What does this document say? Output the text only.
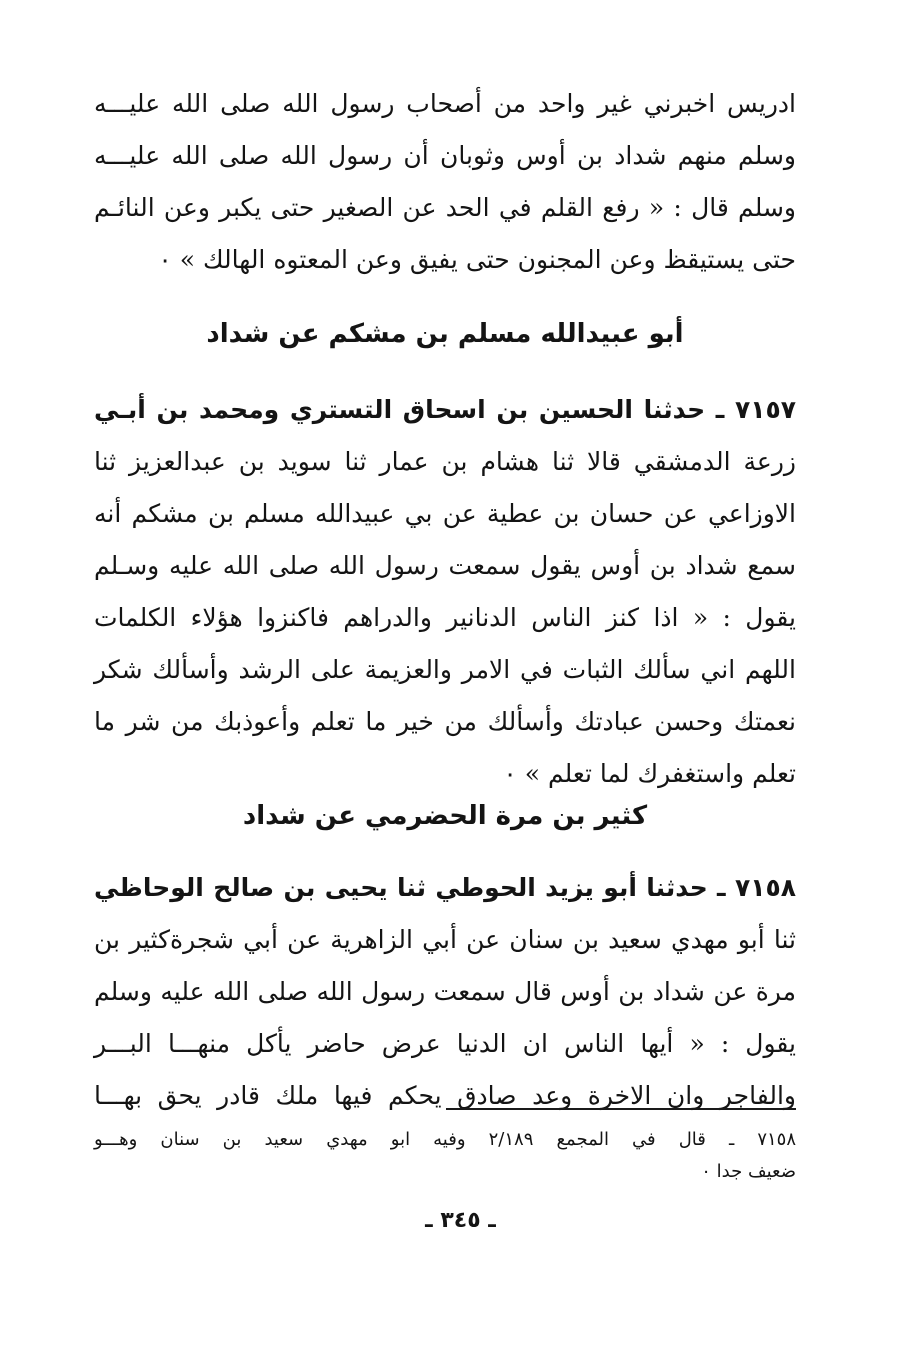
ادريس اخبرني غير واحد من أصحاب رسول الله صلى الله عليـــه
وسلم منهم شداد بن أوس وثوبان أن رسول الله صلى الله عليـــه
وسلم قال : « رفع القلم في الحد عن الصغير حتى يكبر وعن النائـم
حتى يستيقظ وعن المجنون حتى يفيق وعن المعتوه الهالك » ٠
أبو عبيدالله مسلم بن مشكم عن شداد
٧١٥٧ ـ حدثنا الحسين بن اسحاق التستري ومحمد بن أبـي
زرعة الدمشقي قالا ثنا هشام بن عمار ثنا سويد بن عبدالعزيز ثنا
الاوزاعي عن حسان بن عطية عن بي عبيدالله مسلم بن مشكم أنه
سمع شداد بن أوس يقول سمعت رسول الله صلى الله عليه وسـلم
يقول : « اذا كنز الناس الدنانير والدراهم فاكنزوا هؤلاء الكلمات
اللهم اني سألك الثبات في الامر والعزيمة على الرشد وأسألك شكر
نعمتك وحسن عبادتك وأسألك من خير ما تعلم وأعوذبك من شر ما
تعلم واستغفرك لما تعلم » ٠
كثير بن مرة الحضرمي عن شداد
٧١٥٨ ـ حدثنا أبو يزيد الحوطي ثنا يحيى بن صالح الوحاظي
ثنا أبو مهدي سعيد بن سنان عن أبي الزاهرية عن أبي شجرةكثير بن
مرة عن شداد بن أوس قال سمعت رسول الله صلى الله عليه وسلم
يقول : « أيها الناس ان الدنيا عرض حاضر يأكل منهـــا البـــر
والفاجر وان الاخرة وعد صادق يحكم فيها ملك قادر يحق بهـــا
٧١٥٨ ـ قال في المجمع ٢/١٨٩ وفيه ابو مهدي سعيد بن سنان وهـــو
ضعيف جدا ٠
ـ ٣٤٥ ـ
